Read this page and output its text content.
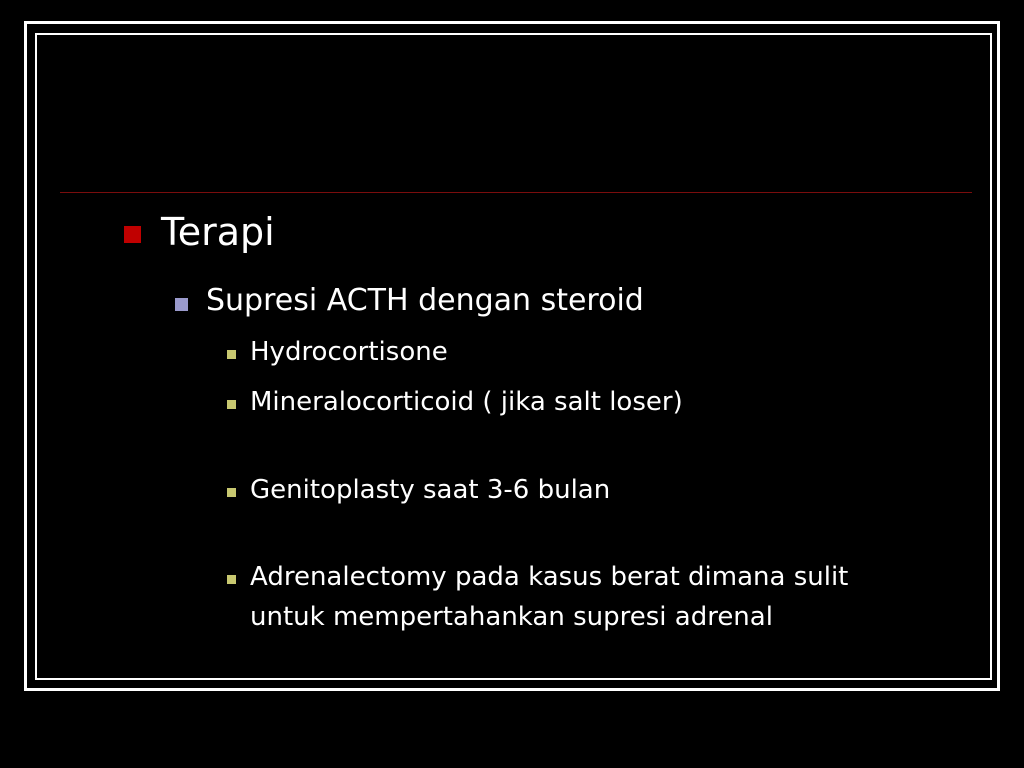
Terapi
Supresi ACTH dengan steroid
Hydrocortisone
Mineralocorticoid ( jika salt loser)
Genitoplasty saat 3-6 bulan
Adrenalectomy pada kasus berat dimana sulit untuk mempertahankan supresi adrenal
